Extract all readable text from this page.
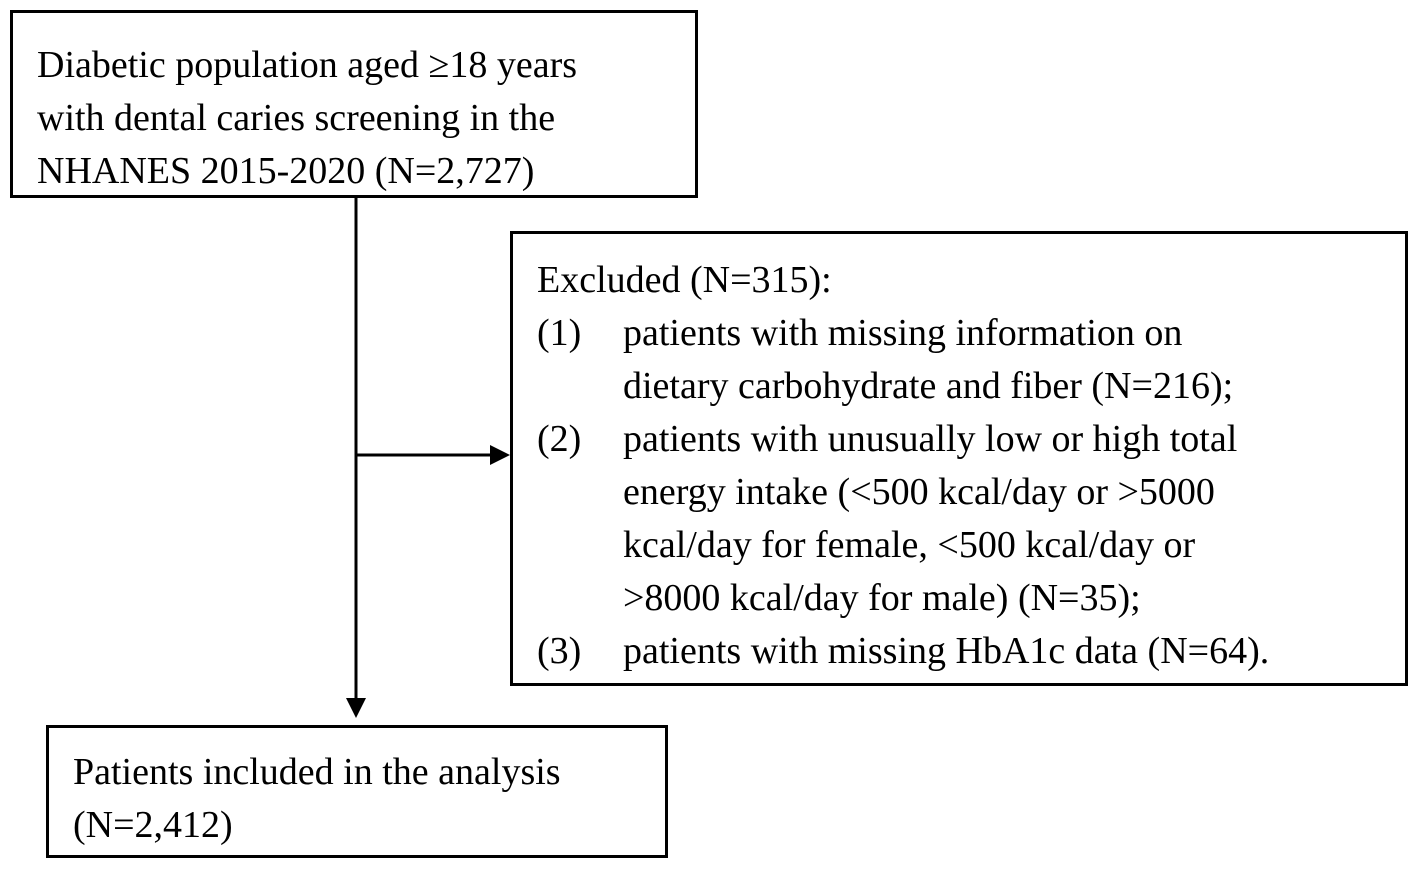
Diabetic population aged ≥18 years
with dental caries screening in the
NHANES 2015-2020 (N=2,727)
Excluded (N=315):
(1)	patients with missing information on
dietary carbohydrate and fiber (N=216);
(2)	patients with unusually low or high total
energy intake (<500 kcal/day or >5000
kcal/day for female, <500 kcal/day or
>8000 kcal/day for male) (N=35);
(3)	patients with missing HbA1c data (N=64).
Patients included in the analysis
(N=2,412)
